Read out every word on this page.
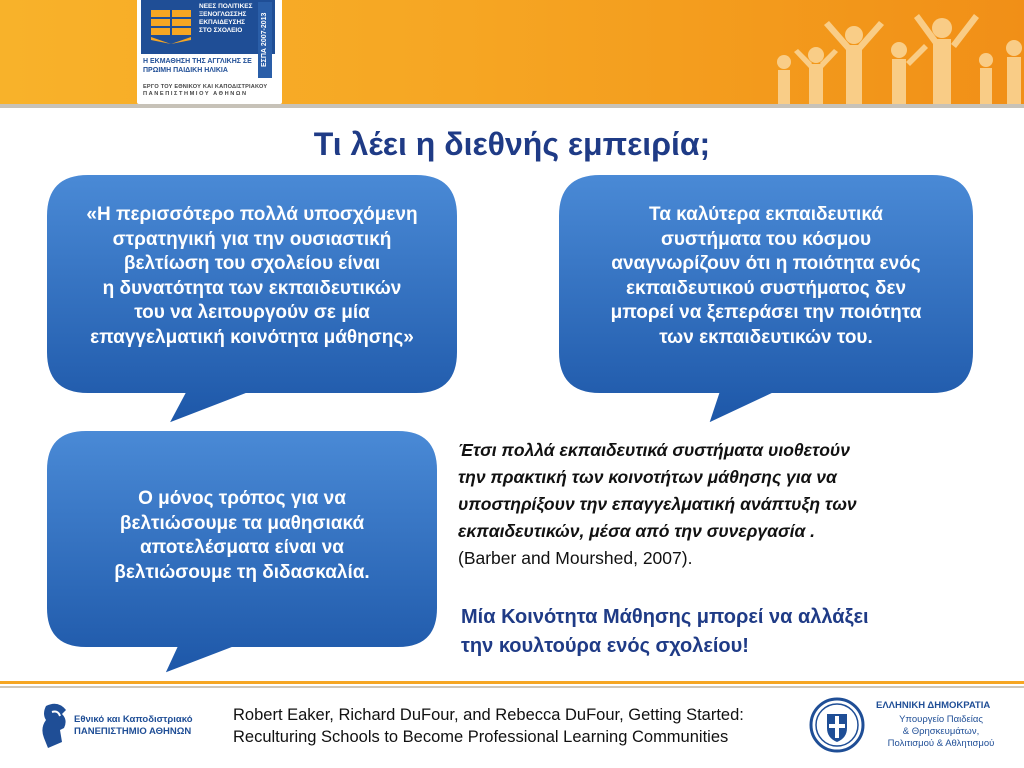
ΝΕΕΣ ΠΟΛΙΤΙΚΕΣ
ΞΕΝΟΓΛΩΣΣΗΣ
ΕΚΠΑΙΔΕΥΣΗΣ
ΣΤΟ ΣΧΟΛΕΙΟ	ΕΣΠΑ 2007-2013
Η ΕΚΜΑΘΗΣΗ ΤΗΣ ΑΓΓΛΙΚΗΣ ΣΕ
ΠΡΩΙΜΗ ΠΑΙΔΙΚΗ ΗΛΙΚΙΑ
ΕΡΓΟ ΤΟΥ ΕΘΝΙΚΟΥ ΚΑΙ ΚΑΠΟΔΙΣΤΡΙΑΚΟΥ
ΠΑΝΕΠΙΣΤΗΜΙΟΥ ΑΘΗΝΩΝ
Τι λέει η διεθνής εμπειρία;
«Η περισσότερο πολλά υποσχόμενη
στρατηγική για την ουσιαστική
βελτίωση του σχολείου είναι
η δυνατότητα των εκπαιδευτικών
του να λειτουργούν σε μία
επαγγελματική κοινότητα μάθησης»
Τα καλύτερα εκπαιδευτικά
συστήματα του κόσμου
αναγνωρίζουν ότι η ποιότητα ενός
εκπαιδευτικού συστήματος δεν
μπορεί να ξεπεράσει την ποιότητα
των εκπαιδευτικών του.
Ο μόνος τρόπος για να
βελτιώσουμε τα μαθησιακά
αποτελέσματα είναι να
βελτιώσουμε τη διδασκαλία.
Έτσι πολλά εκπαιδευτικά συστήματα υιοθετούν
την πρακτική των κοινοτήτων μάθησης για να
υποστηρίξουν την επαγγελματική ανάπτυξη των
εκπαιδευτικών, μέσα από την συνεργασία .
(Barber and Mourshed, 2007).
Μία Κοινότητα Μάθησης μπορεί να αλλάξει
την κουλτούρα ενός σχολείου!
Εθνικό και Καποδιστριακό
ΠΑΝΕΠΙΣΤΗΜΙΟ ΑΘΗΝΩΝ
Robert Eaker, Richard DuFour, and Rebecca DuFour, Getting Started:
Reculturing Schools to Become Professional Learning Communities
ΕΛΛΗΝΙΚΗ ΔΗΜΟΚΡΑΤΙΑ
Υπουργείο Παιδείας
& Θρησκευμάτων,
Πολιτισμού & Αθλητισμού
